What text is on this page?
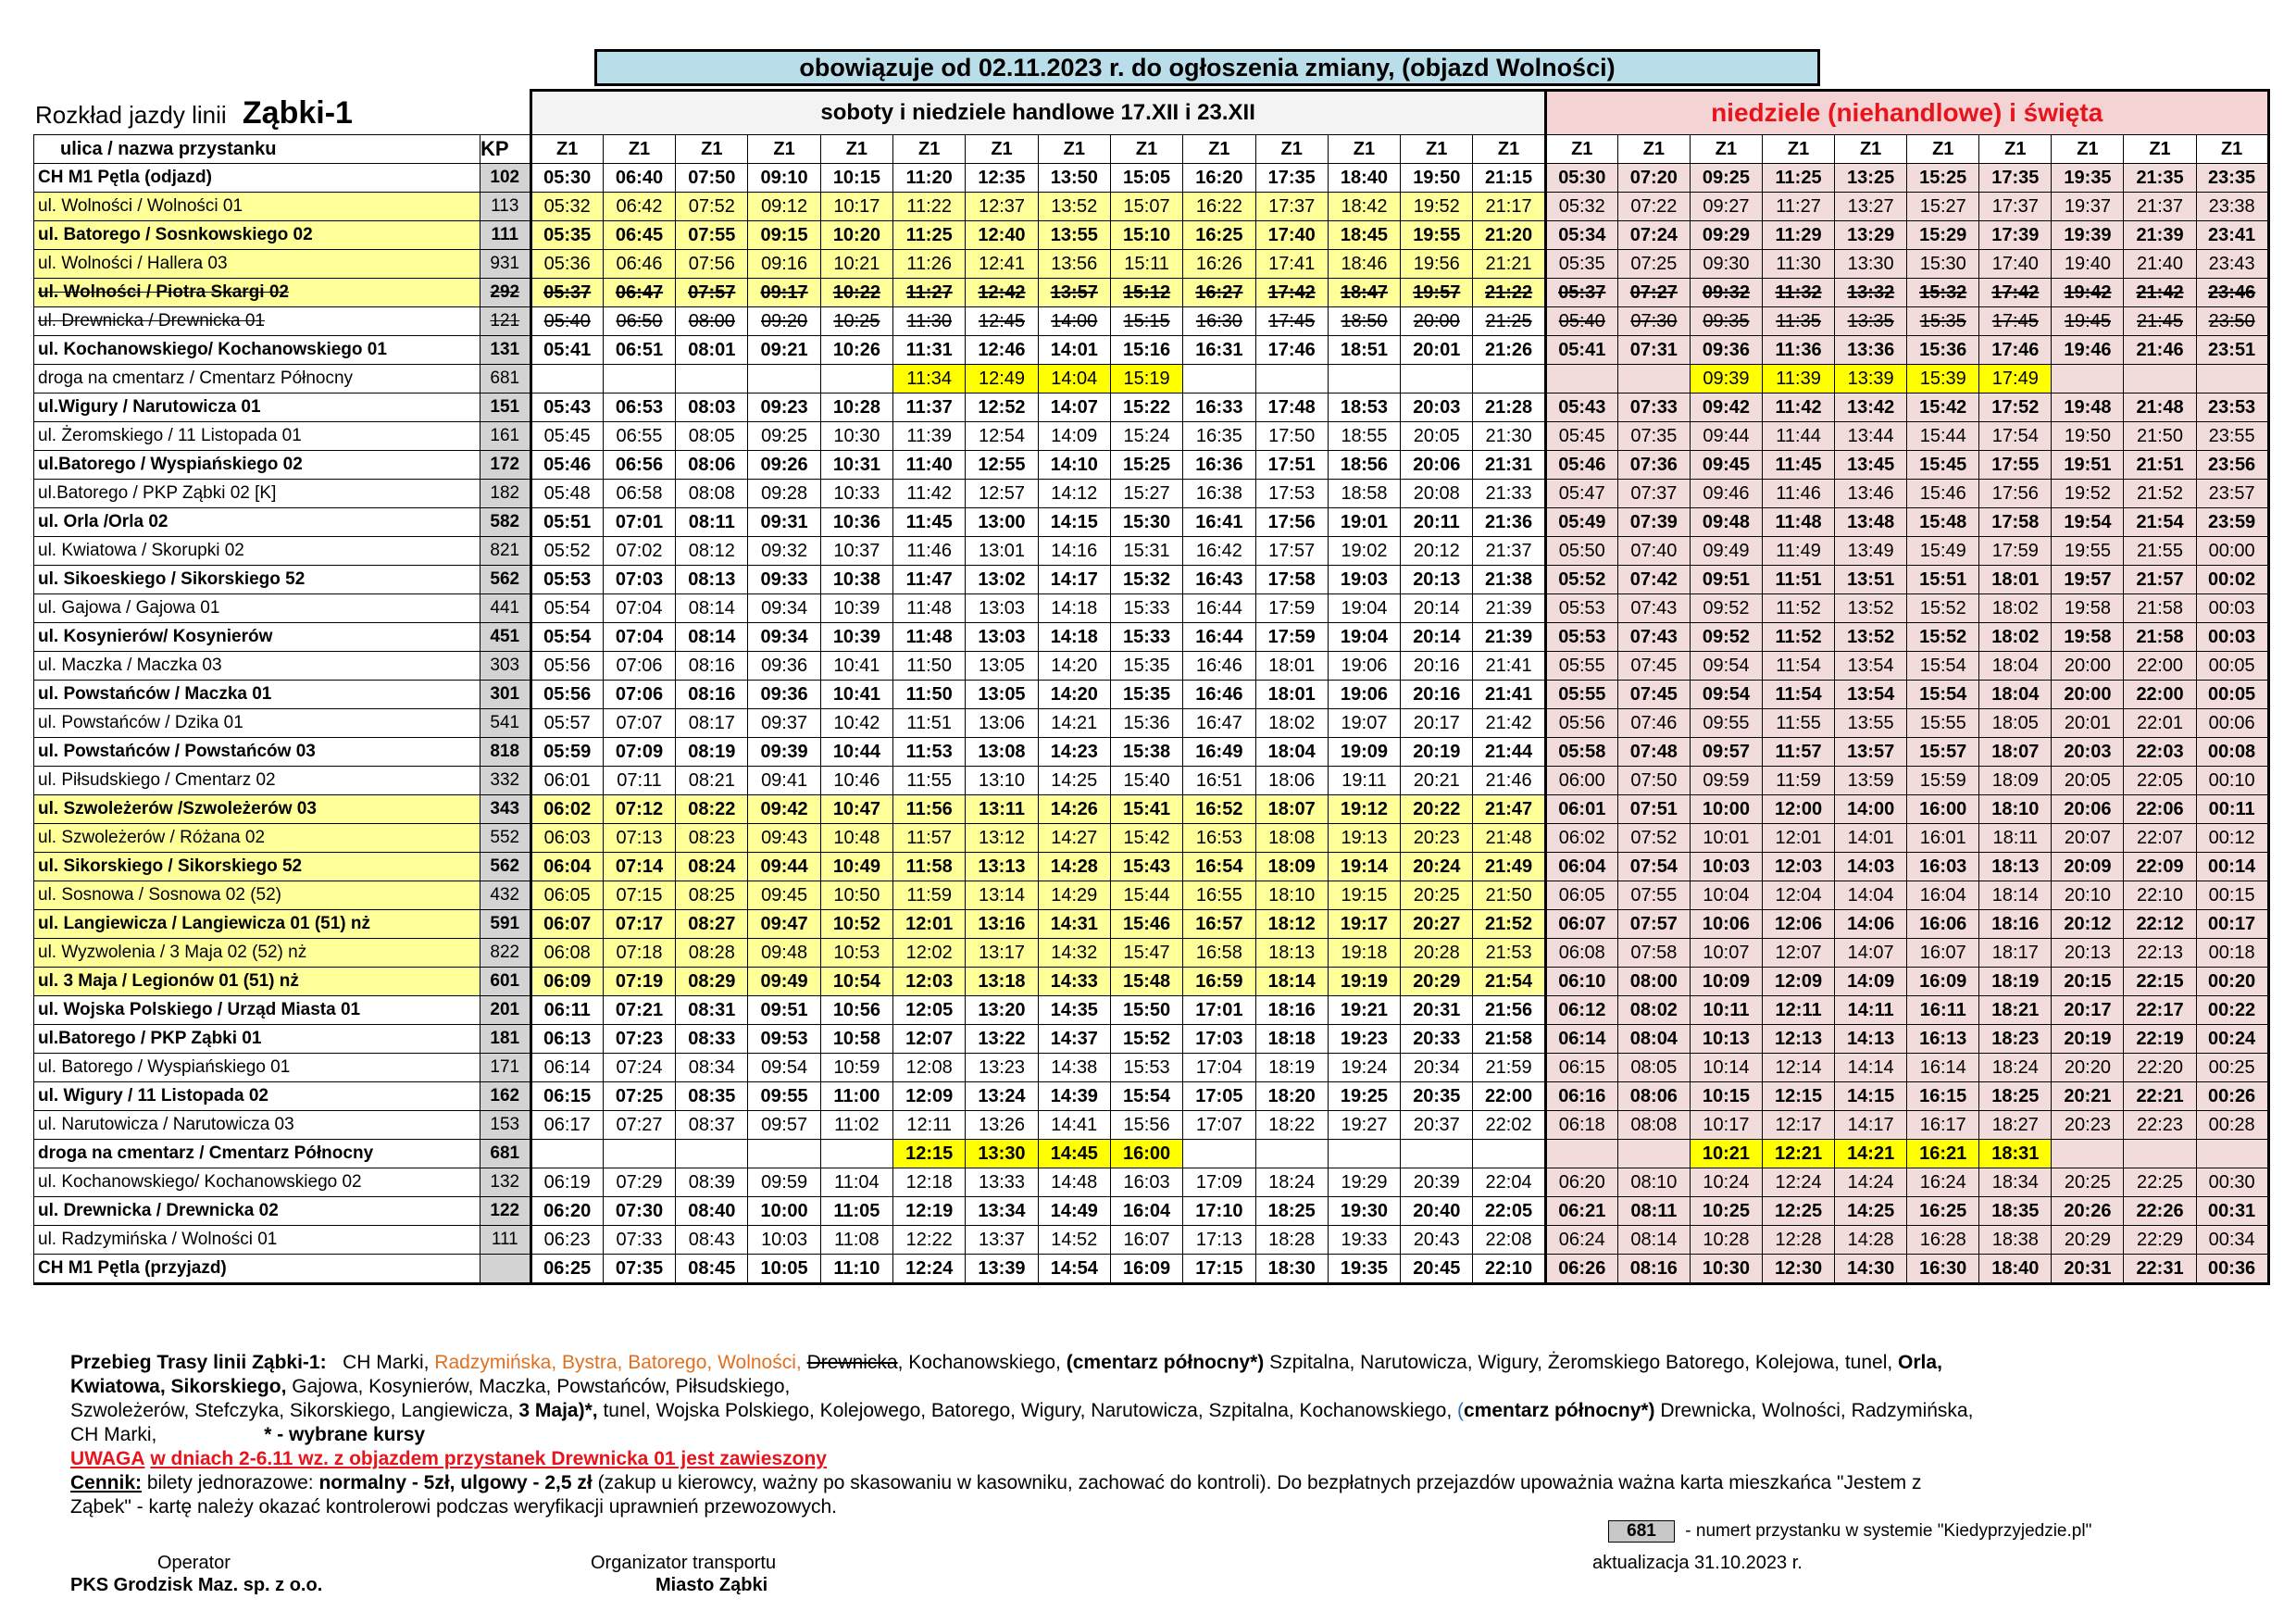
obowiązuje od 02.11.2023 r. do ogłoszenia zmiany, (objazd Wolności)
Rozkład jazdy linii Ząbki-1
		soboty i niedziele handlowe 17.XII i 23.XII														niedziele (niehandlowe) i święta									
ulica / nazwa przystanku	KP	Z1	Z1	Z1	Z1	Z1	Z1	Z1	Z1	Z1	Z1	Z1	Z1	Z1	Z1	Z1	Z1	Z1	Z1	Z1	Z1	Z1	Z1	Z1	Z1
CH M1 Pętla (odjazd)	102	05:30	06:40	07:50	09:10	10:15	11:20	12:35	13:50	15:05	16:20	17:35	18:40	19:50	21:15	05:30	07:20	09:25	11:25	13:25	15:25	17:35	19:35	21:35	23:35
ul. Wolności / Wolności 01	113	05:32	06:42	07:52	09:12	10:17	11:22	12:37	13:52	15:07	16:22	17:37	18:42	19:52	21:17	05:32	07:22	09:27	11:27	13:27	15:27	17:37	19:37	21:37	23:38
ul. Batorego / Sosnkowskiego 02	111	05:35	06:45	07:55	09:15	10:20	11:25	12:40	13:55	15:10	16:25	17:40	18:45	19:55	21:20	05:34	07:24	09:29	11:29	13:29	15:29	17:39	19:39	21:39	23:41
ul. Wolności / Hallera 03	931	05:36	06:46	07:56	09:16	10:21	11:26	12:41	13:56	15:11	16:26	17:41	18:46	19:56	21:21	05:35	07:25	09:30	11:30	13:30	15:30	17:40	19:40	21:40	23:43
ul. Wolności / Piotra Skargi 02	292	05:37	06:47	07:57	09:17	10:22	11:27	12:42	13:57	15:12	16:27	17:42	18:47	19:57	21:22	05:37	07:27	09:32	11:32	13:32	15:32	17:42	19:42	21:42	23:46
ul. Drewnicka / Drewnicka 01	121	05:40	06:50	08:00	09:20	10:25	11:30	12:45	14:00	15:15	16:30	17:45	18:50	20:00	21:25	05:40	07:30	09:35	11:35	13:35	15:35	17:45	19:45	21:45	23:50
ul. Kochanowskiego/ Kochanowskiego 01	131	05:41	06:51	08:01	09:21	10:26	11:31	12:46	14:01	15:16	16:31	17:46	18:51	20:01	21:26	05:41	07:31	09:36	11:36	13:36	15:36	17:46	19:46	21:46	23:51
droga na cmentarz / Cmentarz Północny	681						11:34	12:49	14:04	15:19								09:39	11:39	13:39	15:39	17:49			
ul.Wigury / Narutowicza 01	151	05:43	06:53	08:03	09:23	10:28	11:37	12:52	14:07	15:22	16:33	17:48	18:53	20:03	21:28	05:43	07:33	09:42	11:42	13:42	15:42	17:52	19:48	21:48	23:53
ul. Żeromskiego / 11 Listopada 01	161	05:45	06:55	08:05	09:25	10:30	11:39	12:54	14:09	15:24	16:35	17:50	18:55	20:05	21:30	05:45	07:35	09:44	11:44	13:44	15:44	17:54	19:50	21:50	23:55
ul.Batorego / Wyspiańskiego 02	172	05:46	06:56	08:06	09:26	10:31	11:40	12:55	14:10	15:25	16:36	17:51	18:56	20:06	21:31	05:46	07:36	09:45	11:45	13:45	15:45	17:55	19:51	21:51	23:56
ul.Batorego / PKP Ząbki 02 [K]	182	05:48	06:58	08:08	09:28	10:33	11:42	12:57	14:12	15:27	16:38	17:53	18:58	20:08	21:33	05:47	07:37	09:46	11:46	13:46	15:46	17:56	19:52	21:52	23:57
ul. Orla /Orla 02	582	05:51	07:01	08:11	09:31	10:36	11:45	13:00	14:15	15:30	16:41	17:56	19:01	20:11	21:36	05:49	07:39	09:48	11:48	13:48	15:48	17:58	19:54	21:54	23:59
ul. Kwiatowa / Skorupki 02	821	05:52	07:02	08:12	09:32	10:37	11:46	13:01	14:16	15:31	16:42	17:57	19:02	20:12	21:37	05:50	07:40	09:49	11:49	13:49	15:49	17:59	19:55	21:55	00:00
ul. Sikoeskiego / Sikorskiego 52	562	05:53	07:03	08:13	09:33	10:38	11:47	13:02	14:17	15:32	16:43	17:58	19:03	20:13	21:38	05:52	07:42	09:51	11:51	13:51	15:51	18:01	19:57	21:57	00:02
ul. Gajowa / Gajowa 01	441	05:54	07:04	08:14	09:34	10:39	11:48	13:03	14:18	15:33	16:44	17:59	19:04	20:14	21:39	05:53	07:43	09:52	11:52	13:52	15:52	18:02	19:58	21:58	00:03
ul. Kosynierów/ Kosynierów	451	05:54	07:04	08:14	09:34	10:39	11:48	13:03	14:18	15:33	16:44	17:59	19:04	20:14	21:39	05:53	07:43	09:52	11:52	13:52	15:52	18:02	19:58	21:58	00:03
ul. Maczka / Maczka 03	303	05:56	07:06	08:16	09:36	10:41	11:50	13:05	14:20	15:35	16:46	18:01	19:06	20:16	21:41	05:55	07:45	09:54	11:54	13:54	15:54	18:04	20:00	22:00	00:05
ul. Powstańców / Maczka 01	301	05:56	07:06	08:16	09:36	10:41	11:50	13:05	14:20	15:35	16:46	18:01	19:06	20:16	21:41	05:55	07:45	09:54	11:54	13:54	15:54	18:04	20:00	22:00	00:05
ul. Powstańców / Dzika 01	541	05:57	07:07	08:17	09:37	10:42	11:51	13:06	14:21	15:36	16:47	18:02	19:07	20:17	21:42	05:56	07:46	09:55	11:55	13:55	15:55	18:05	20:01	22:01	00:06
ul. Powstańców / Powstańców 03	818	05:59	07:09	08:19	09:39	10:44	11:53	13:08	14:23	15:38	16:49	18:04	19:09	20:19	21:44	05:58	07:48	09:57	11:57	13:57	15:57	18:07	20:03	22:03	00:08
ul. Piłsudskiego / Cmentarz 02	332	06:01	07:11	08:21	09:41	10:46	11:55	13:10	14:25	15:40	16:51	18:06	19:11	20:21	21:46	06:00	07:50	09:59	11:59	13:59	15:59	18:09	20:05	22:05	00:10
ul. Szwoleżerów /Szwoleżerów 03	343	06:02	07:12	08:22	09:42	10:47	11:56	13:11	14:26	15:41	16:52	18:07	19:12	20:22	21:47	06:01	07:51	10:00	12:00	14:00	16:00	18:10	20:06	22:06	00:11
ul. Szwoleżerów / Różana 02	552	06:03	07:13	08:23	09:43	10:48	11:57	13:12	14:27	15:42	16:53	18:08	19:13	20:23	21:48	06:02	07:52	10:01	12:01	14:01	16:01	18:11	20:07	22:07	00:12
ul. Sikorskiego / Sikorskiego 52	562	06:04	07:14	08:24	09:44	10:49	11:58	13:13	14:28	15:43	16:54	18:09	19:14	20:24	21:49	06:04	07:54	10:03	12:03	14:03	16:03	18:13	20:09	22:09	00:14
ul. Sosnowa / Sosnowa 02 (52)	432	06:05	07:15	08:25	09:45	10:50	11:59	13:14	14:29	15:44	16:55	18:10	19:15	20:25	21:50	06:05	07:55	10:04	12:04	14:04	16:04	18:14	20:10	22:10	00:15
ul. Langiewicza / Langiewicza 01 (51) nż	591	06:07	07:17	08:27	09:47	10:52	12:01	13:16	14:31	15:46	16:57	18:12	19:17	20:27	21:52	06:07	07:57	10:06	12:06	14:06	16:06	18:16	20:12	22:12	00:17
ul. Wyzwolenia / 3 Maja 02 (52) nż	822	06:08	07:18	08:28	09:48	10:53	12:02	13:17	14:32	15:47	16:58	18:13	19:18	20:28	21:53	06:08	07:58	10:07	12:07	14:07	16:07	18:17	20:13	22:13	00:18
ul. 3 Maja / Legionów 01 (51) nż	601	06:09	07:19	08:29	09:49	10:54	12:03	13:18	14:33	15:48	16:59	18:14	19:19	20:29	21:54	06:10	08:00	10:09	12:09	14:09	16:09	18:19	20:15	22:15	00:20
ul. Wojska Polskiego / Urząd Miasta 01	201	06:11	07:21	08:31	09:51	10:56	12:05	13:20	14:35	15:50	17:01	18:16	19:21	20:31	21:56	06:12	08:02	10:11	12:11	14:11	16:11	18:21	20:17	22:17	00:22
ul.Batorego / PKP Ząbki 01	181	06:13	07:23	08:33	09:53	10:58	12:07	13:22	14:37	15:52	17:03	18:18	19:23	20:33	21:58	06:14	08:04	10:13	12:13	14:13	16:13	18:23	20:19	22:19	00:24
ul. Batorego / Wyspiańskiego 01	171	06:14	07:24	08:34	09:54	10:59	12:08	13:23	14:38	15:53	17:04	18:19	19:24	20:34	21:59	06:15	08:05	10:14	12:14	14:14	16:14	18:24	20:20	22:20	00:25
ul. Wigury / 11 Listopada 02	162	06:15	07:25	08:35	09:55	11:00	12:09	13:24	14:39	15:54	17:05	18:20	19:25	20:35	22:00	06:16	08:06	10:15	12:15	14:15	16:15	18:25	20:21	22:21	00:26
ul. Narutowicza / Narutowicza 03	153	06:17	07:27	08:37	09:57	11:02	12:11	13:26	14:41	15:56	17:07	18:22	19:27	20:37	22:02	06:18	08:08	10:17	12:17	14:17	16:17	18:27	20:23	22:23	00:28
droga na cmentarz / Cmentarz Północny	681						12:15	13:30	14:45	16:00								10:21	12:21	14:21	16:21	18:31			
ul. Kochanowskiego/ Kochanowskiego 02	132	06:19	07:29	08:39	09:59	11:04	12:18	13:33	14:48	16:03	17:09	18:24	19:29	20:39	22:04	06:20	08:10	10:24	12:24	14:24	16:24	18:34	20:25	22:25	00:30
ul. Drewnicka / Drewnicka 02	122	06:20	07:30	08:40	10:00	11:05	12:19	13:34	14:49	16:04	17:10	18:25	19:30	20:40	22:05	06:21	08:11	10:25	12:25	14:25	16:25	18:35	20:26	22:26	00:31
ul. Radzymińska / Wolności 01	111	06:23	07:33	08:43	10:03	11:08	12:22	13:37	14:52	16:07	17:13	18:28	19:33	20:43	22:08	06:24	08:14	10:28	12:28	14:28	16:28	18:38	20:29	22:29	00:34
CH M1 Pętla (przyjazd)		06:25	07:35	08:45	10:05	11:10	12:24	13:39	14:54	16:09	17:15	18:30	19:35	20:45	22:10	06:26	08:16	10:30	12:30	14:30	16:30	18:40	20:31	22:31	00:36

Przebieg Trasy linii Ząbki-1: CH Marki, Radzymińska, Bystra, Batorego, Wolności, Drewnicka, Kochanowskiego, (cmentarz północny*) Szpitalna, Narutowicza, Wigury, Żeromskiego Batorego, Kolejowa, tunel, Orla,
Kwiatowa, Sikorskiego, Gajowa, Kosynierów, Maczka, Powstańców, Piłsudskiego,
Szwoleżerów, Stefczyka, Sikorskiego, Langiewicza, 3 Maja)*, tunel, Wojska Polskiego, Kolejowego, Batorego, Wigury, Narutowicza, Szpitalna, Kochanowskiego, (cmentarz północny*) Drewnicka, Wolności, Radzymińska,
CH Marki,	* - wybrane kursy

UWAGA w dniach 2-6.11 wz. z objazdem przystanek Drewnicka 01 jest zawieszony

Cennik: bilety jednorazowe: normalny - 5zł, ulgowy - 2,5 zł (zakup u kierowcy, ważny po skasowaniu w kasowniku, zachować do kontroli). Do bezpłatnych przejazdów upoważnia ważna karta mieszkańca "Jestem z
Ząbek" - kartę należy okazać kontrolerowi podczas weryfikacji uprawnień przewozowych.

681 - numert przystanku w systemie "Kiedyprzyjedzie.pl"
aktualizacja 31.10.2023 r.
Operator
PKS Grodzisk Maz. sp. z o.o.
Organizator transportu
Miasto Ząbki
